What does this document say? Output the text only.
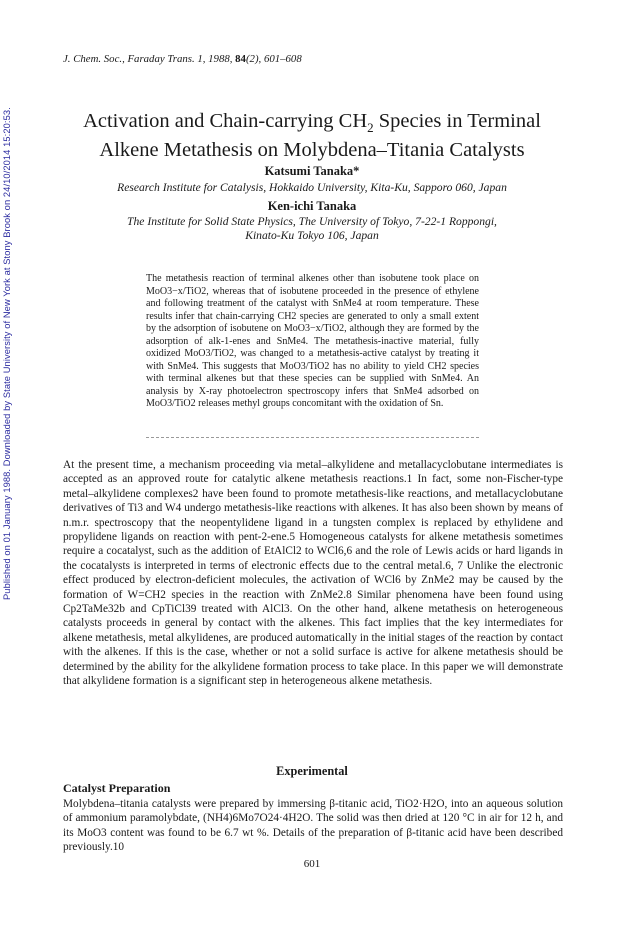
Published on 01 January 1988. Downloaded by State University of New York at Stony Brook on 24/10/2014 15:20:53.
J. Chem. Soc., Faraday Trans. 1, 1988, 84(2), 601–608
Activation and Chain-carrying $CH_2$ Species in Terminal
Alkene Metathesis on Molybdena–Titania Catalysts
Katsumi Tanaka*
Research Institute for Catalysis, Hokkaido University, Kita-Ku, Sapporo 060, Japan
Ken-ichi Tanaka
The Institute for Solid State Physics, The University of Tokyo, 7-22-1 Roppongi,
Kinato-Ku Tokyo 106, Japan
The metathesis reaction of terminal alkenes other than isobutene took place on MoO3−x/TiO2, whereas that of isobutene proceeded in the presence of ethylene and following treatment of the catalyst with SnMe4 at room temperature. These results infer that chain-carrying CH2 species are generated to only a small extent by the adsorption of isobutene on MoO3−x/TiO2, although they are formed by the adsorption of alk-1-enes and SnMe4. The metathesis-inactive material, fully oxidized MoO3/TiO2, was changed to a metathesis-active catalyst by treating it with SnMe4. This suggests that MoO3/TiO2 has no ability to yield CH2 species with terminal alkenes but that these species can be supplied with SnMe4. An analysis by X-ray photoelectron spectroscopy infers that SnMe4 adsorbed on MoO3/TiO2 releases methyl groups concomitant with the oxidation of Sn.
At the present time, a mechanism proceeding via metal–alkylidene and metallacyclobutane intermediates is accepted as an approved route for catalytic alkene metathesis reactions.1 In fact, some non-Fischer-type metal–alkylidene complexes2 have been found to promote metathesis-like reactions, and metallacyclobutane derivatives of Ti3 and W4 undergo metathesis-like reactions with alkenes. It has also been shown by means of n.m.r. spectroscopy that the neopentylidene ligand in a tungsten complex is replaced by ethylidene and propylidene ligands on reaction with pent-2-ene.5 Homogeneous catalysts for alkene metathesis sometimes require a cocatalyst, such as the addition of EtAlCl2 to WCl6,6 and the role of Lewis acids or hard ligands in the cocatalysts is interpreted in terms of electronic effects due to the central metal.6, 7 Unlike the electronic effect produced by electron-deficient molecules, the activation of WCl6 by ZnMe2 may be caused by the formation of W=CH2 species in the reaction with ZnMe2.8 Similar phenomena have been found using Cp2TaMe32b and CpTiCl39 treated with AlCl3. On the other hand, alkene metathesis on heterogeneous catalysts proceeds in general by contact with the alkenes. This fact implies that the key intermediates for alkene metathesis, metal alkylidenes, are produced automatically in the initial stages of the reaction by contact with the alkenes. If this is the case, whether or not a solid surface is active for alkene metathesis should be determined by the ability for the alkylidene formation process to take place. In this paper we will demonstrate that alkylidene formation is a significant step in heterogeneous alkene metathesis.
Experimental
Catalyst Preparation
Molybdena–titania catalysts were prepared by immersing β-titanic acid, TiO2·H2O, into an aqueous solution of ammonium paramolybdate, (NH4)6Mo7O24·4H2O. The solid was then dried at 120 °C in air for 12 h, and its MoO3 content was found to be 6.7 wt %. Details of the preparation of β-titanic acid have been described previously.10
601
